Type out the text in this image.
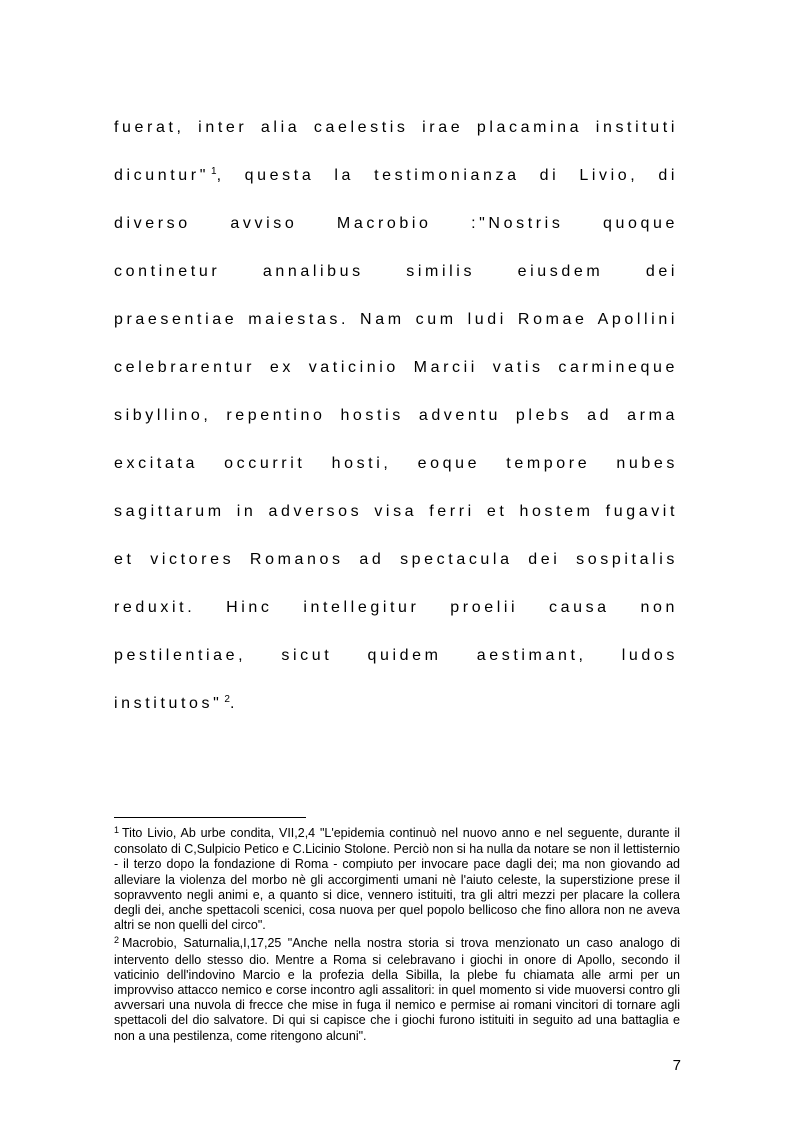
fuerat, inter alia caelestis irae placamina instituti
dicuntur" $^1$, questa la testimonianza di Livio, di
diverso avviso Macrobio :"Nostris quoque
continetur annalibus similis eiusdem dei
praesentiae maiestas. Nam cum ludi Romae Apollini
celebrarentur ex vaticinio Marcii vatis carmineque
sibyllino, repentino hostis adventu plebs ad arma
excitata occurrit hosti, eoque tempore nubes
sagittarum in adversos visa ferri et hostem fugavit
et victores Romanos ad spectacula dei sospitalis
reduxit. Hinc intellegitur proelii causa non
pestilentiae, sicut quidem aestimant, ludos
institutos" $^2$.

$^1$ Tito Livio, Ab urbe condita, VII,2,4 "L'epidemia continuò nel nuovo anno e nel seguente, durante il consolato di C,Sulpicio Petico e C.Licinio Stolone. Perciò non si ha nulla da notare se non il lettisternio - il terzo dopo la fondazione di Roma - compiuto per invocare pace dagli dei; ma non giovando ad alleviare la violenza del morbo nè gli accorgimenti umani nè l'aiuto celeste, la superstizione prese il sopravvento negli animi e, a quanto si dice, vennero istituiti, tra gli altri mezzi per placare la collera degli dei, anche spettacoli scenici, cosa nuova per quel popolo bellicoso che fino allora non ne aveva altri se non quelli del circo".

$^2$ Macrobio, Saturnalia,I,17,25 "Anche nella nostra storia si trova menzionato un caso analogo di intervento dello stesso dio. Mentre a Roma si celebravano i giochi in onore di Apollo, secondo il vaticinio dell'indovino Marcio e la profezia della Sibilla, la plebe fu chiamata alle armi per un improvviso attacco nemico e corse incontro agli assalitori: in quel momento si vide muoversi contro gli avversari una nuvola di frecce che mise in fuga il nemico e permise ai romani vincitori di tornare agli spettacoli del dio salvatore. Di qui si capisce che i giochi furono istituiti in seguito ad una battaglia e non a una pestilenza, come ritengono alcuni".

7
